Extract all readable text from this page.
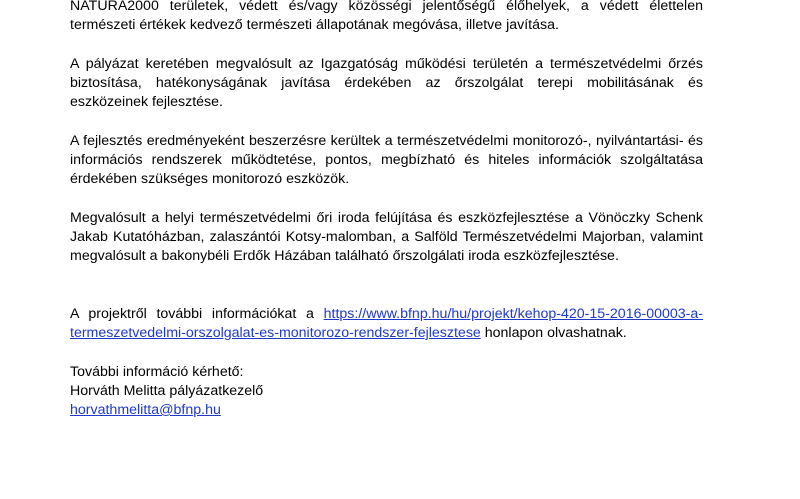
NATURA2000 területek, védett és/vagy közösségi jelentőségű élőhelyek, a védett élettelen természeti értékek kedvező természeti állapotának megóvása, illetve javítása.

A pályázat keretében megvalósult az Igazgatóság működési területén a természetvédelmi őrzés biztosítása, hatékonyságának javítása érdekében az őrszolgálat terepi mobilitásának és eszközeinek fejlesztése.

A fejlesztés eredményeként beszerzésre kerültek a természetvédelmi monitorozó-, nyilvántartási- és információs rendszerek működtetése, pontos, megbízható és hiteles információk szolgáltatása érdekében szükséges monitorozó eszközök.

Megvalósult a helyi természetvédelmi őri iroda felújítása és eszközfejlesztése a Vönöczky Schenk Jakab Kutatóházban, zalaszántói Kotsy-malomban, a Salföld Természetvédelmi Majorban, valamint megvalósult a bakonybéli Erdők Házában található őrszolgálati iroda eszközfejlesztése.

A projektről további információkat a https://www.bfnp.hu/hu/projekt/kehop-420-15-2016-00003-a-termeszetvedelmi-orszolgalat-es-monitorozo-rendszer-fejlesztese honlapon olvashatnak.

További információ kérhető:
Horváth Melitta pályázatkezelő
horvathmelitta@bfnp.hu
